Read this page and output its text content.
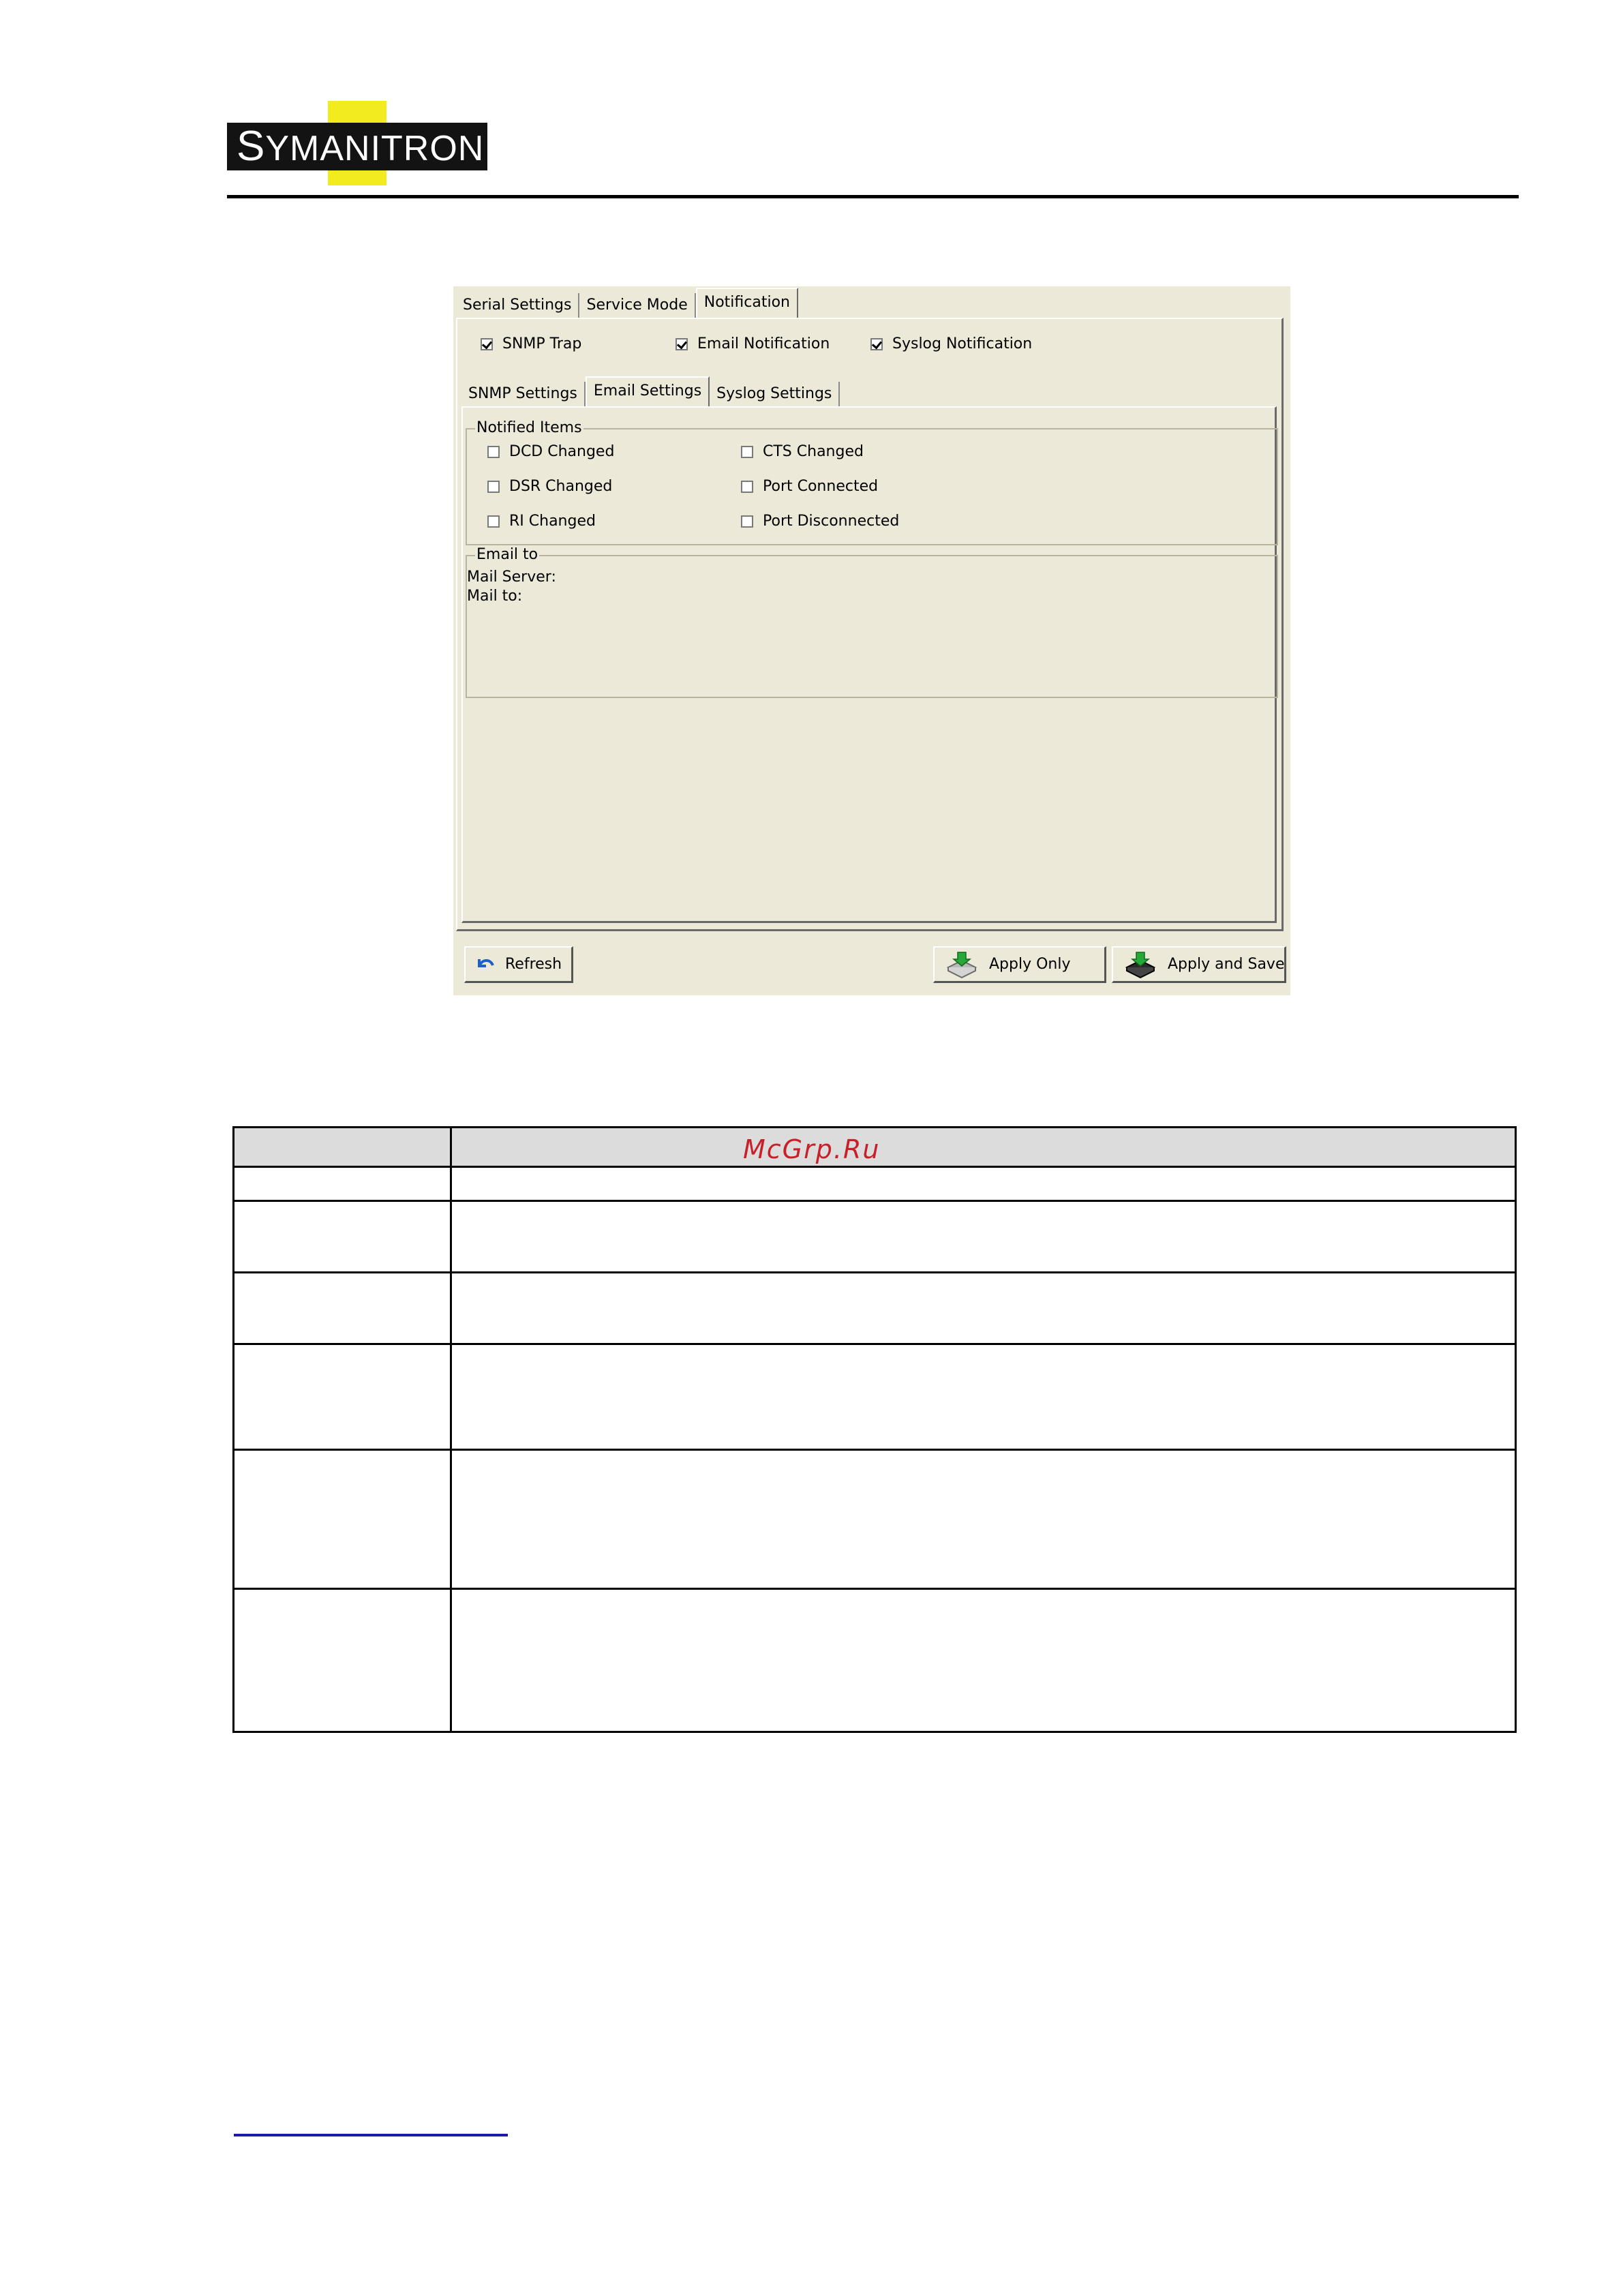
SYMANITRON
Serial Settings	Service Mode	Notification
SNMP Trap	Email Notification	Syslog Notification
SNMP Settings	Email Settings	Syslog Settings
Notified Items
DCD Changed	CTS Changed
DSR Changed	Port Connected
RI Changed	Port Disconnected
Email to
Mail Server:
Mail to:
Refresh	Apply Only	Apply and Save
McGrp.Ru
